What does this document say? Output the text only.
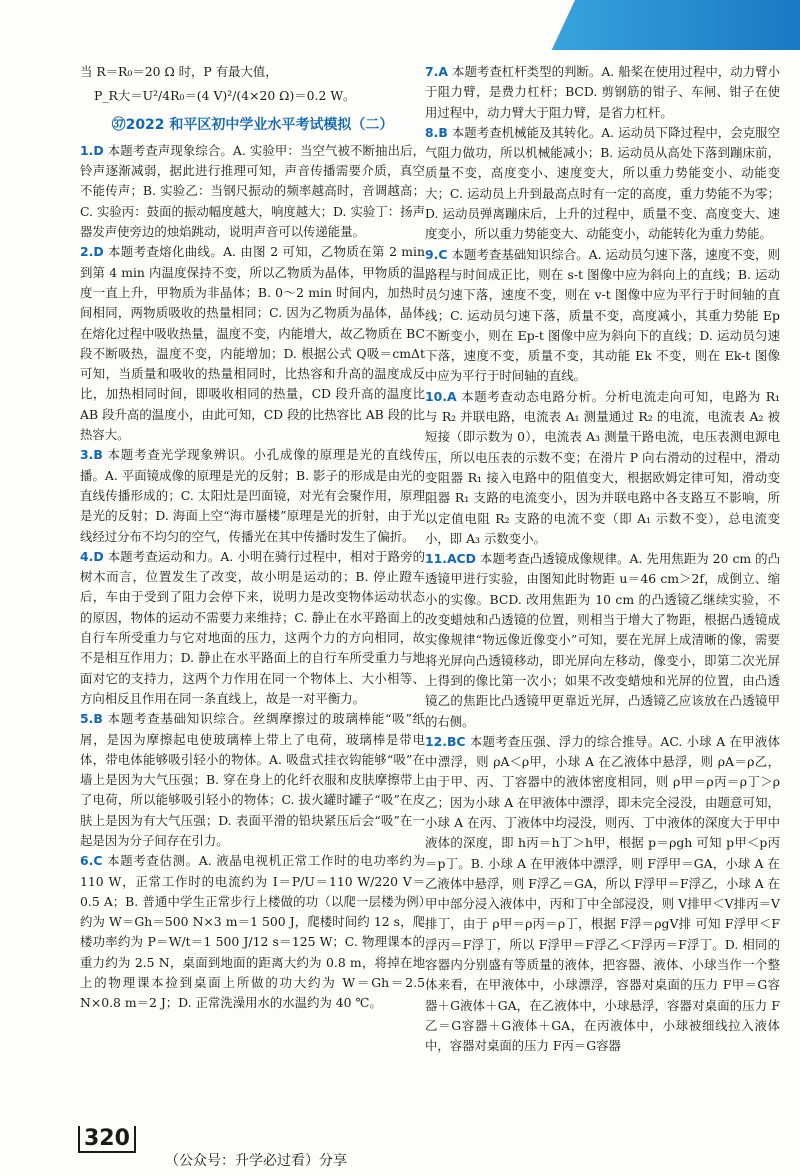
当 R＝R₀＝20 Ω 时，P 有最大值，

P_R大＝U²/4R₀＝(4 V)²/(4×20 Ω)＝0.2 W。

㊲2022 和平区初中学业水平考试模拟（二）

1.D 本题考查声现象综合。A. 实验甲：当空气被不断抽出后，铃声逐渐减弱，据此进行推理可知，声音传播需要介质，真空不能传声；B. 实验乙：当钢尺振动的频率越高时，音调越高；C. 实验丙：鼓面的振动幅度越大，响度越大；D. 实验丁：扬声器发声使旁边的烛焰跳动，说明声音可以传递能量。

2.D 本题考查熔化曲线。A. 由图 2 可知，乙物质在第 2 min 到第 4 min 内温度保持不变，所以乙物质为晶体，甲物质的温度一直上升，甲物质为非晶体；B. 0～2 min 时间内，加热时间相同，两物质吸收的热量相同；C. 因为乙物质为晶体，晶体在熔化过程中吸收热量，温度不变，内能增大，故乙物质在 BC 段不断吸热，温度不变，内能增加；D. 根据公式 Q吸＝cmΔt 可知，当质量和吸收的热量相同时，比热容和升高的温度成反比，加热相同时间，即吸收相同的热量，CD 段升高的温度比 AB 段升高的温度小，由此可知，CD 段的比热容比 AB 段的比热容大。

3.B 本题考查光学现象辨识。小孔成像的原理是光的直线传播。A. 平面镜成像的原理是光的反射；B. 影子的形成是由光的直线传播形成的；C. 太阳灶是凹面镜，对光有会聚作用，原理是光的反射；D. 海面上空“海市蜃楼”原理是光的折射，由于光线经过分布不均匀的空气，传播光在其中传播时发生了偏折。

4.D 本题考查运动和力。A. 小明在骑行过程中，相对于路旁的树木而言，位置发生了改变，故小明是运动的；B. 停止蹬车后，车由于受到了阻力会停下来，说明力是改变物体运动状态的原因，物体的运动不需要力来维持；C. 静止在水平路面上的自行车所受重力与它对地面的压力，这两个力的方向相同，故不是相互作用力；D. 静止在水平路面上的自行车所受重力与地面对它的支持力，这两个力作用在同一个物体上、大小相等、方向相反且作用在同一条直线上，故是一对平衡力。

5.B 本题考查基础知识综合。丝绸摩擦过的玻璃棒能“吸”纸屑，是因为摩擦起电使玻璃棒上带上了电荷，玻璃棒是带电体，带电体能够吸引轻小的物体。A. 吸盘式挂衣钩能够“吸”在墙上是因为大气压强；B. 穿在身上的化纤衣服和皮肤摩擦带上了电荷，所以能够吸引轻小的物体；C. 拔火罐时罐子“吸”在皮肤上是因为有大气压强；D. 表面平滑的铅块紧压后会“吸”在一起是因为分子间存在引力。

6.C 本题考查估测。A. 液晶电视机正常工作时的电功率约为 110 W，正常工作时的电流约为 I＝P/U＝110 W/220 V＝0.5 A；B. 普通中学生正常步行上楼做的功（以爬一层楼为例）约为 W＝Gh＝500 N×3 m＝1 500 J，爬楼时间约 12 s，爬楼功率约为 P＝W/t＝1 500 J/12 s＝125 W；C. 物理课本的重力约为 2.5 N，桌面到地面的距离大约为 0.8 m，将掉在地上的物理课本捡到桌面上所做的功大约为 W＝Gh＝2.5 N×0.8 m＝2 J；D. 正常洗澡用水的水温约为 40 ℃。

7.A 本题考查杠杆类型的判断。A. 船桨在使用过程中，动力臂小于阻力臂，是费力杠杆；BCD. 剪钢筋的钳子、车闸、钳子在使用过程中，动力臂大于阻力臂，是省力杠杆。

8.B 本题考查机械能及其转化。A. 运动员下降过程中，会克服空气阻力做功，所以机械能减小；B. 运动员从高处下落到蹦床前，质量不变，高度变小、速度变大，所以重力势能变小、动能变大；C. 运动员上升到最高点时有一定的高度，重力势能不为零；D. 运动员弹离蹦床后，上升的过程中，质量不变、高度变大、速度变小，所以重力势能变大、动能变小，动能转化为重力势能。

9.C 本题考查基础知识综合。A. 运动员匀速下落，速度不变，则路程与时间成正比，则在 s-t 图像中应为斜向上的直线；B. 运动员匀速下落，速度不变，则在 v-t 图像中应为平行于时间轴的直线；C. 运动员匀速下落，质量不变，高度减小，其重力势能 Ep 不断变小，则在 Ep-t 图像中应为斜向下的直线；D. 运动员匀速下落，速度不变，质量不变，其动能 Ek 不变，则在 Ek-t 图像中应为平行于时间轴的直线。

10.A 本题考查动态电路分析。分析电流走向可知，电路为 R₁ 与 R₂ 并联电路，电流表 A₁ 测量通过 R₂ 的电流，电流表 A₂ 被短接（即示数为 0），电流表 A₃ 测量干路电流，电压表测电源电压，所以电压表的示数不变；在滑片 P 向右滑动的过程中，滑动变阻器 R₁ 接入电路中的阻值变大，根据欧姆定律可知，滑动变阻器 R₁ 支路的电流变小，因为并联电路中各支路互不影响，所以定值电阻 R₂ 支路的电流不变（即 A₁ 示数不变），总电流变小，即 A₃ 示数变小。

11.ACD 本题考查凸透镜成像规律。A. 先用焦距为 20 cm 的凸透镜甲进行实验，由图知此时物距 u＝46 cm＞2f，成倒立、缩小的实像。BCD. 改用焦距为 10 cm 的凸透镜乙继续实验，不改变蜡烛和凸透镜的位置，则相当于增大了物距，根据凸透镜成实像规律“物远像近像变小”可知，要在光屏上成清晰的像，需要将光屏向凸透镜移动，即光屏向左移动，像变小，即第二次光屏上得到的像比第一次小；如果不改变蜡烛和光屏的位置，由凸透镜乙的焦距比凸透镜甲更靠近光屏，凸透镜乙应该放在凸透镜甲的右侧。

12.BC 本题考查压强、浮力的综合推导。AC. 小球 A 在甲液体中漂浮，则 ρA＜ρ甲，小球 A 在乙液体中悬浮，则 ρA＝ρ乙，由于甲、丙、丁容器中的液体密度相同，则 ρ甲＝ρ丙＝ρ丁＞ρ乙；因为小球 A 在甲液体中漂浮，即未完全浸没，由题意可知，小球 A 在丙、丁液体中均浸没，则丙、丁中液体的深度大于甲中液体的深度，即 h丙＝h丁＞h甲，根据 p＝ρgh 可知 p甲＜p丙＝p丁。B. 小球 A 在甲液体中漂浮，则 F浮甲＝GA，小球 A 在乙液体中悬浮，则 F浮乙＝GA，所以 F浮甲＝F浮乙，小球 A 在甲中部分浸入液体中，丙和丁中全部浸没，则 V排甲＜V排丙＝V排丁，由于 ρ甲＝ρ丙＝ρ丁，根据 F浮＝ρgV排 可知 F浮甲＜F浮丙＝F浮丁，所以 F浮甲＝F浮乙＜F浮丙＝F浮丁。D. 相同的容器内分别盛有等质量的液体，把容器、液体、小球当作一个整体来看，在甲液体中，小球漂浮，容器对桌面的压力 F甲＝G容器＋G液体＋GA，在乙液体中，小球悬浮，容器对桌面的压力 F乙＝G容器＋G液体＋GA，在丙液体中，小球被细线拉入液体中，容器对桌面的压力 F丙＝G容器

320
（公众号：升学必过看）分享
